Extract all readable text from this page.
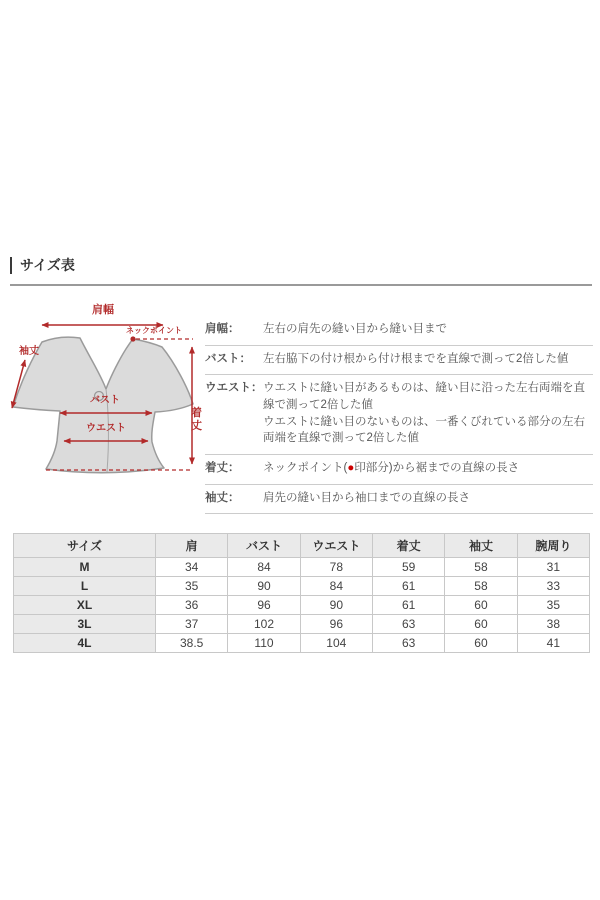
サイズ表
肩幅
ネックポイント
袖丈
バスト
ウエスト
着丈
肩幅：	左右の肩先の縫い目から縫い目まで
バスト：	左右脇下の付け根から付け根までを直線で測って2倍した値
ウエスト： ウエストに縫い目があるものは、縫い目に沿った左右両端を直線で測って2倍した値

ウエストに縫い目のないものは、一番くびれている部分の左右両端を直線で測って2倍した値

着丈：	ネックポイント(●印部分)から裾までの直線の長さ
袖丈：	肩先の縫い目から袖口までの直線の長さ
サイズ	肩	バスト	ウエスト	着丈	袖丈	腕周り
M	34	84	78	59	58	31
L	35	90	84	61	58	33
XL	36	96	90	61	60	35
3L	37	102	96	63	60	38
4L	38.5	110	104	63	60	41
